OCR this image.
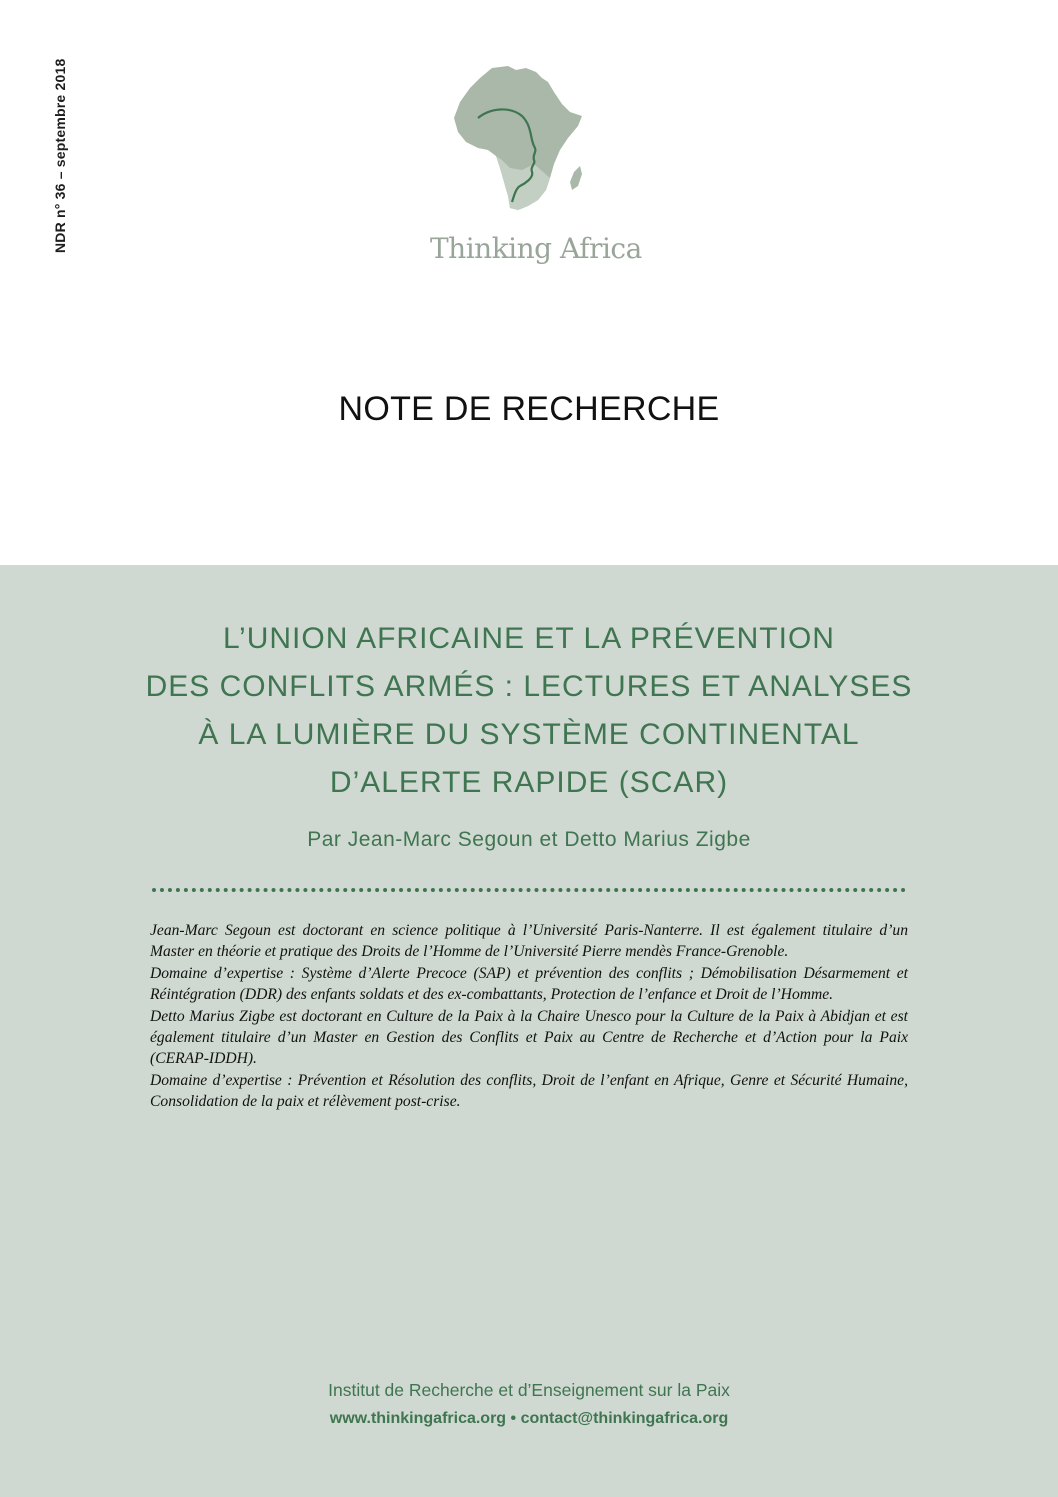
NDR n° 36 – septembre 2018	Thinking Africa
NOTE DE RECHERCHE
L’UNION AFRICAINE ET LA PRÉVENTION
DES CONFLITS ARMÉS : LECTURES ET ANALYSES
À LA LUMIÈRE DU SYSTÈME CONTINENTAL
D’ALERTE RAPIDE (SCAR)
Par Jean-Marc Segoun et Detto Marius Zigbe

Jean-Marc Segoun est doctorant en science politique à l’Université Paris-Nanterre. Il est également titulaire d’un Master en théorie et pratique des Droits de l’Homme de l’Université Pierre mendès France-Grenoble.

Domaine d’expertise : Système d’Alerte Precoce (SAP) et prévention des conflits ; Démobilisation Désarmement et Réintégration (DDR) des enfants soldats et des ex-combattants, Protection de l’enfance et Droit de l’Homme.

Detto Marius Zigbe est doctorant en Culture de la Paix à la Chaire Unesco pour la Culture de la Paix à Abidjan et est également titulaire d’un Master en Gestion des Conflits et Paix au Centre de Recherche et d’Action pour la Paix (CERAP-IDDH).

Domaine d’expertise : Prévention et Résolution des conflits, Droit de l’enfant en Afrique, Genre et Sécurité Humaine, Consolidation de la paix et rélèvement post-crise.

Institut de Recherche et d’Enseignement sur la Paix
www.thinkingafrica.org • contact@thinkingafrica.org
